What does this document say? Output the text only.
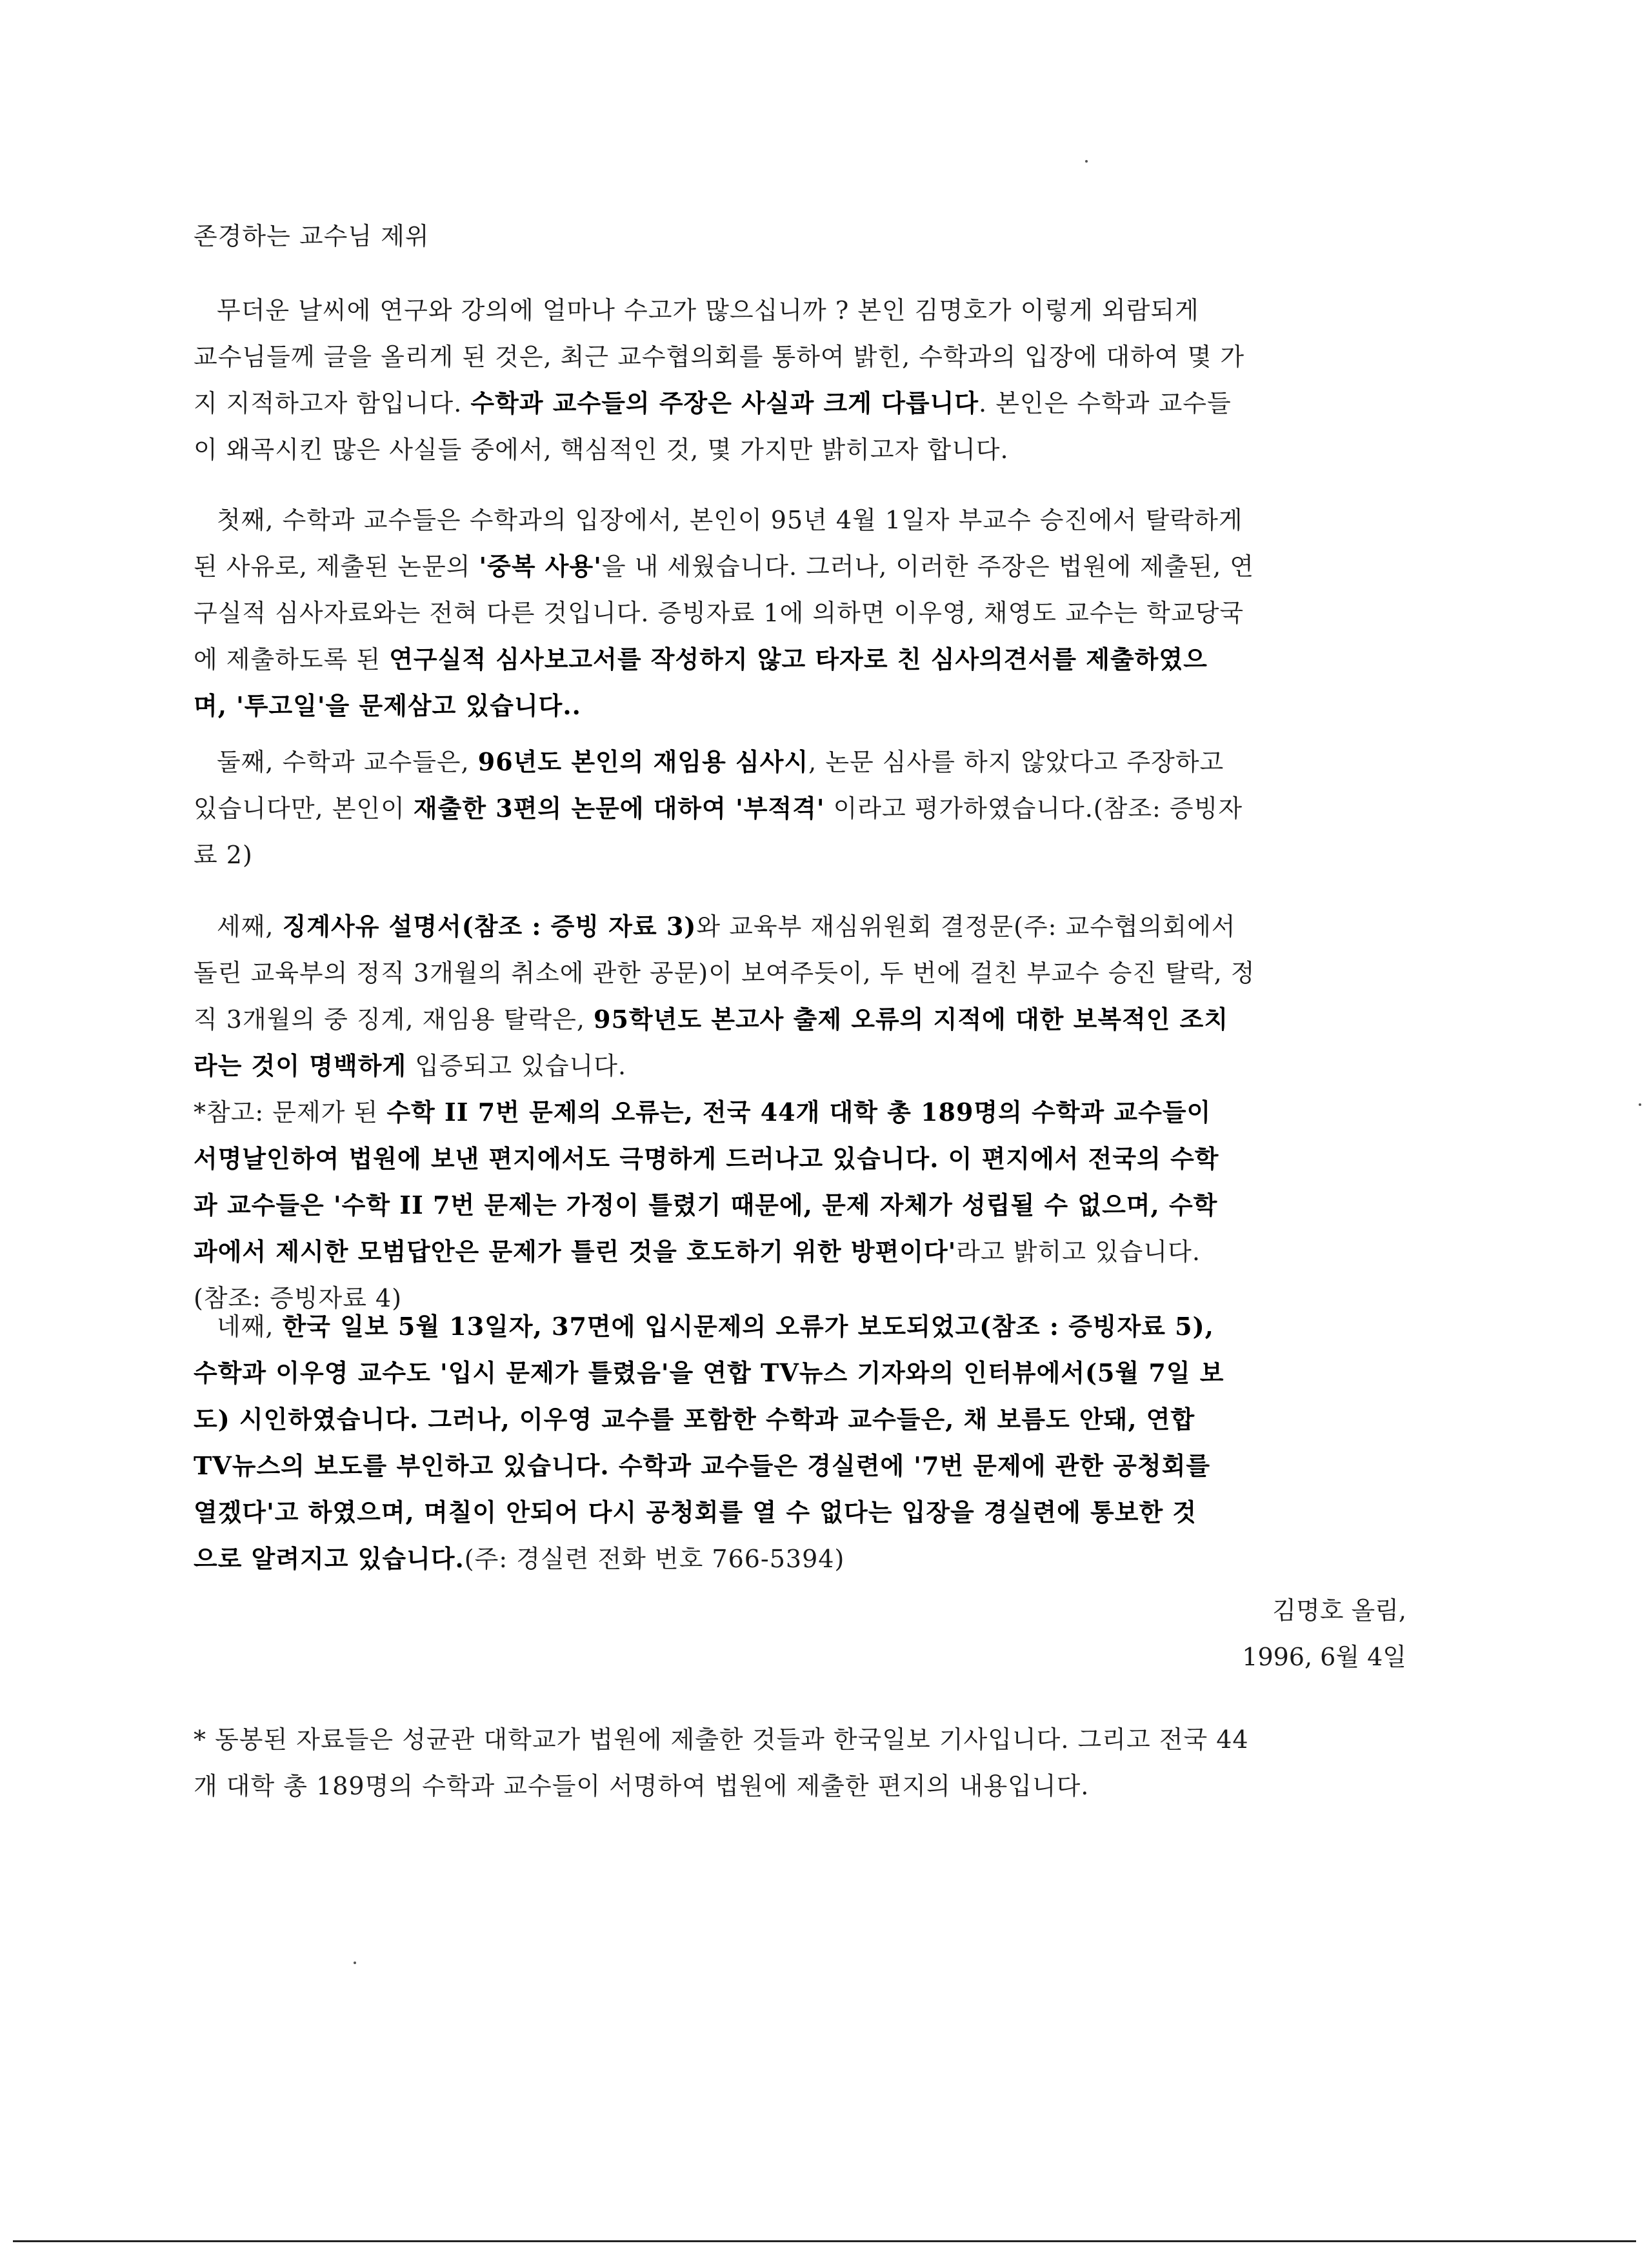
존경하는 교수님 제위

무더운 날씨에 연구와 강의에 얼마나 수고가 많으십니까 ? 본인 김명호가 이렇게 외람되게
교수님들께 글을 올리게 된 것은, 최근 교수협의회를 통하여 밝힌, 수학과의 입장에 대하여 몇 가
지 지적하고자 함입니다. 수학과 교수들의 주장은 사실과 크게 다릅니다. 본인은 수학과 교수들
이 왜곡시킨 많은 사실들 중에서, 핵심적인 것, 몇 가지만 밝히고자 합니다.

첫째, 수학과 교수들은 수학과의 입장에서, 본인이 95년 4월 1일자 부교수 승진에서 탈락하게
된 사유로, 제출된 논문의 '중복 사용'을 내 세웠습니다. 그러나, 이러한 주장은 법원에 제출된, 연
구실적 심사자료와는 전혀 다른 것입니다. 증빙자료 1에 의하면 이우영, 채영도 교수는 학교당국
에 제출하도록 된 연구실적 심사보고서를 작성하지 않고 타자로 친 심사의견서를 제출하였으
며, '투고일'을 문제삼고 있습니다..

둘째, 수학과 교수들은, 96년도 본인의 재임용 심사시, 논문 심사를 하지 않았다고 주장하고
있습니다만, 본인이 재출한 3편의 논문에 대하여 '부적격' 이라고 평가하였습니다.(참조: 증빙자
료 2)

세째, 징계사유 설명서(참조 : 증빙 자료 3)와 교육부 재심위원회 결정문(주: 교수협의회에서
돌린 교육부의 정직 3개월의 취소에 관한 공문)이 보여주듯이, 두 번에 걸친 부교수 승진 탈락, 정
직 3개월의 중 징계, 재임용 탈락은, 95학년도 본고사 출제 오류의 지적에 대한 보복적인 조치
라는 것이 명백하게 입증되고 있습니다.
*참고: 문제가 된 수학 II 7번 문제의 오류는, 전국 44개 대학 총 189명의 수학과 교수들이
서명날인하여 법원에 보낸 편지에서도 극명하게 드러나고 있습니다. 이 편지에서 전국의 수학
과 교수들은 '수학 II 7번 문제는 가정이 틀렸기 때문에, 문제 자체가 성립될 수 없으며, 수학
과에서 제시한 모범답안은 문제가 틀린 것을 호도하기 위한 방편이다'라고 밝히고 있습니다.
(참조: 증빙자료 4)

네째, 한국 일보 5월 13일자, 37면에 입시문제의 오류가 보도되었고(참조 : 증빙자료 5),
수학과 이우영 교수도 '입시 문제가 틀렸음'을 연합 TV뉴스 기자와의 인터뷰에서(5월 7일 보
도) 시인하였습니다. 그러나, 이우영 교수를 포함한 수학과 교수들은, 채 보름도 안돼, 연합
TV뉴스의 보도를 부인하고 있습니다. 수학과 교수들은 경실련에 '7번 문제에 관한 공청회를
열겠다'고 하였으며, 며칠이 안되어 다시 공청회를 열 수 없다는 입장을 경실련에 통보한 것
으로 알려지고 있습니다.(주: 경실련 전화 번호 766-5394)

김명호 올림,
1996, 6월 4일

* 동봉된 자료들은 성균관 대학교가 법원에 제출한 것들과 한국일보 기사입니다. 그리고 전국 44
개 대학 총 189명의 수학과 교수들이 서명하여 법원에 제출한 편지의 내용입니다.
